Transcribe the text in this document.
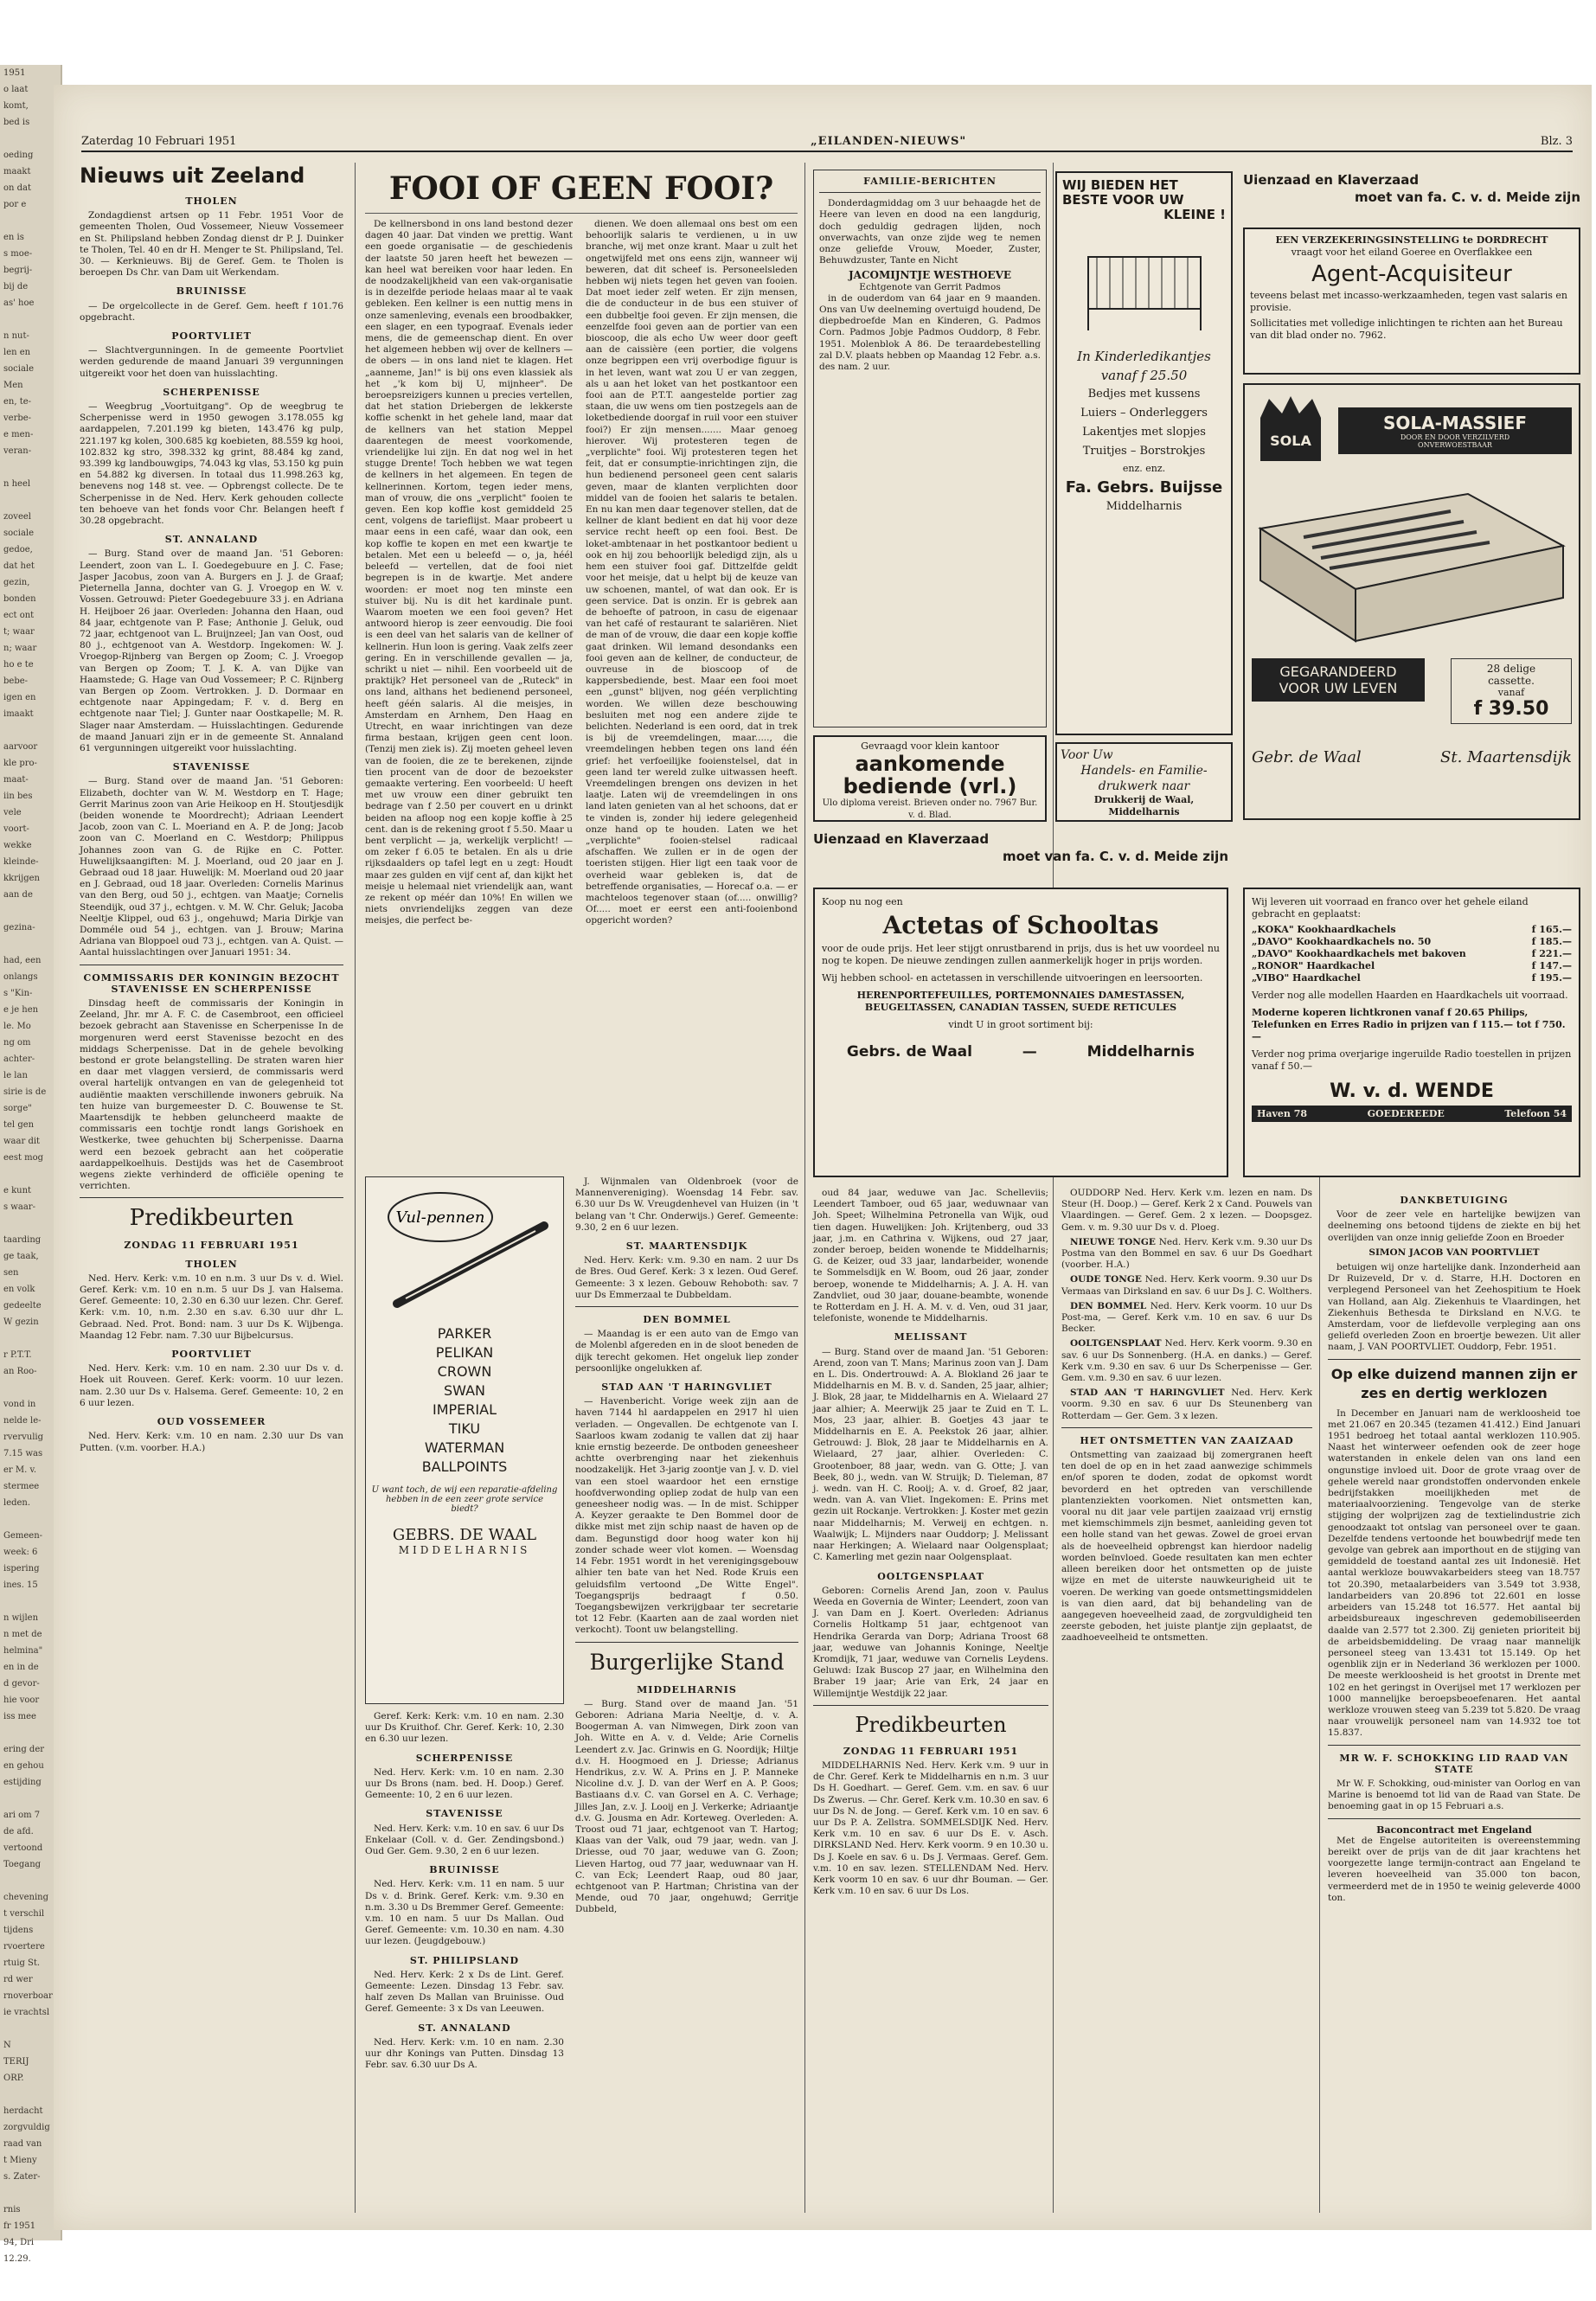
1951
o laat
komt,
bed is

oeding
maakt
on dat
por e

en is
s moe-
begrij-
bij de
as' hoe

n nut-
len en
sociale
Men
en, te-
verbe-
e men-
veran-

n heel

zoveel
sociale
gedoe,
dat het
gezin,
bonden
ect ont
t; waar
n; waar
ho e te
bebe-
igen en
imaakt

aarvoor
kle pro-
maat-
iin bes
vele
voort-
wekke
kleinde-
kkrijgen
aan de

gezina-

had, een
onlangs
s "Kin-
e je hen
le. Mo
ng om
achter-
le lan
sirie is de
sorge"
tel gen
waar dit
eest mog

e kunt
s waar-

taarding
ge taak,
sen
en volk
gedeelte
W gezin

r P.T.T.
an Roo-

vond in
nelde le-
rvervulig
7.15 was
er M. v.
stermee
leden.

Gemeen-
week: 6
ispering
ines. 15

n wijlen
n met de
helmina"
en in de
d gevor-
hie voor
iss mee

ering der
en gehou
estijding

ari om 7
de afd.
vertoond
Toegang

chevening
t verschil
tijdens
rvoertere
rtuig St.
rd wer
rnoverboar
ie vrachtsl

N
TERIJ
ORP.

herdacht
zorgvuldig
raad van
t Mieny
s. Zater-

rnis
fr 1951
94, Dri
12.29.
Zaterdag 10 Februari 1951	„EILANDEN-NIEUWS"	Blz. 3
Nieuws uit Zeeland
THOLEN

Zondagdienst artsen op 11 Febr. 1951 Voor de gemeenten Tholen, Oud Vossemeer, Nieuw Vossemeer en St. Philipsland hebben Zondag dienst dr P. J. Duinker te Tholen, Tel. 40 en dr H. Menger te St. Philipsland, Tel. 30. — Kerknieuws. Bij de Geref. Gem. te Tholen is beroepen Ds Chr. van Dam uit Werkendam.

BRUINISSE

— De orgelcollecte in de Geref. Gem. heeft f 101.76 opgebracht.

POORTVLIET

— Slachtvergunningen. In de gemeente Poortvliet werden gedurende de maand Januari 39 vergunningen uitgereikt voor het doen van huisslachting.

SCHERPENISSE

— Weegbrug „Voortuitgang". Op de weegbrug te Scherpenisse werd in 1950 gewogen 3.178.055 kg aardappelen, 7.201.199 kg bieten, 143.476 kg pulp, 221.197 kg kolen, 300.685 kg koebieten, 88.559 kg hooi, 102.832 kg stro, 398.332 kg grint, 88.484 kg zand, 93.399 kg landbouwgips, 74.043 kg vlas, 53.150 kg puin en 54.882 kg diversen. In totaal dus 11.998.263 kg, benevens nog 148 st. vee. — Opbrengst collecte. De te Scherpenisse in de Ned. Herv. Kerk gehouden collecte ten behoeve van het fonds voor Chr. Belangen heeft f 30.28 opgebracht.

ST. ANNALAND

— Burg. Stand over de maand Jan. '51 Geboren: Leendert, zoon van L. I. Goedegebuure en J. C. Fase; Jasper Jacobus, zoon van A. Burgers en J. J. de Graaf; Pieternella Janna, dochter van G. J. Vroegop en W. v. Vossen. Getrouwd: Pieter Goedegebuure 33 j. en Adriana H. Heijboer 26 jaar. Overleden: Johanna den Haan, oud 84 jaar, echtgenote van P. Fase; Anthonie J. Geluk, oud 72 jaar, echtgenoot van L. Bruijnzeel; Jan van Oost, oud 80 j., echtgenoot van A. Westdorp. Ingekomen: W. J. Vroegop-Rijnberg van Bergen op Zoom; C. J. Vroegop van Bergen op Zoom; T. J. K. A. van Dijke van Haamstede; G. Hage van Oud Vossemeer; P. C. Rijnberg van Bergen op Zoom. Vertrokken. J. D. Dormaar en echtgenote naar Appingedam; F. v. d. Berg en echtgenote naar Tiel; J. Gunter naar Oostkapelle; M. R. Slager naar Amsterdam. — Huisslachtingen. Gedurende de maand Januari zijn er in de gemeente St. Annaland 61 vergunningen uitgereikt voor huisslachting.

STAVENISSE

— Burg. Stand over de maand Jan. '51 Geboren: Elizabeth, dochter van W. M. Westdorp en T. Hage; Gerrit Marinus zoon van Arie Heikoop en H. Stoutjesdijk (beiden wonende te Moordrecht); Adriaan Leendert Jacob, zoon van C. L. Moeriand en A. P. de Jong; Jacob zoon van C. Moerland en C. Westdorp; Philippus Johannes zoon van G. de Rijke en C. Potter. Huwelijksaangiften: M. J. Moerland, oud 20 jaar en J. Gebraad oud 18 jaar. Huwelijk: M. Moerland oud 20 jaar en J. Gebraad, oud 18 jaar. Overleden: Cornelis Marinus van den Berg, oud 50 j., echtgen. van Maatje; Cornelis Steendijk, oud 37 j., echtgen. v. M. W. Chr. Geluk; Jacoba Neeltje Klippel, oud 63 j., ongehuwd; Maria Dirkje van Domméle oud 54 j., echtgen. van J. Brouw; Marina Adriana van Bloppoel oud 73 j., echtgen. van A. Quist. — Aantal huisslachtingen over Januari 1951: 34.

COMMISSARIS DER KONINGIN BEZOCHT STAVENISSE EN SCHERPENISSE

Dinsdag heeft de commissaris der Koningin in Zeeland, Jhr. mr A. F. C. de Casembroot, een officieel bezoek gebracht aan Stavenisse en Scherpenisse In de morgenuren werd eerst Stavenisse bezocht en des middags Scherpenisse. Dat in de gehele bevolking bestond er grote belangstelling. De straten waren hier en daar met vlaggen versierd, de commissaris werd overal hartelijk ontvangen en van de gelegenheid tot audiëntie maakten verschillende inwoners gebruik. Na ten huize van burgemeester D. C. Bouwense te St. Maartensdijk te hebben geluncheerd maakte de commissaris een tochtje rondt langs Gorishoek en Westkerke, twee gehuchten bij Scherpenisse. Daarna werd een bezoek gebracht aan het coöperatie aardappelkoelhuis. Destijds was het de Casembroot wegens ziekte verhinderd de officiële opening te verrichten.

Predikbeurten
ZONDAG 11 FEBRUARI 1951
THOLEN

Ned. Herv. Kerk: v.m. 10 en n.m. 3 uur Ds v. d. Wiel. Geref. Kerk: v.m. 10 en n.m. 5 uur Ds J. van Halsema. Geref. Gemeente: 10, 2.30 en 6.30 uur lezen. Chr. Geref. Kerk: v.m. 10, n.m. 2.30 en s.av. 6.30 uur dhr L. Gebraad. Ned. Prot. Bond: nam. 3 uur Ds K. Wijbenga. Maandag 12 Febr. nam. 7.30 uur Bijbelcursus.

POORTVLIET

Ned. Herv. Kerk: v.m. 10 en nam. 2.30 uur Ds v. d. Hoek uit Rouveen. Geref. Kerk: voorm. 10 uur lezen. nam. 2.30 uur Ds v. Halsema. Geref. Gemeente: 10, 2 en 6 uur lezen.

OUD VOSSEMEER

Ned. Herv. Kerk: v.m. 10 en nam. 2.30 uur Ds van Putten. (v.m. voorber. H.A.)

FOOI OF GEEN FOOI?

De kellnersbond in ons land bestond dezer dagen 40 jaar. Dat vinden we prettig. Want een goede organisatie — de geschiedenis der laatste 50 jaren heeft het bewezen — kan heel wat bereiken voor haar leden. En de noodzakelijkheid van een vak-organisatie is in dezelfde periode helaas maar al te vaak gebleken. Een kellner is een nuttig mens in onze samenleving, evenals een broodbakker, een slager, en een typograaf. Evenals ieder mens, die de gemeenschap dient. En over het algemeen hebben wij over de kellners — de obers — in ons land niet te klagen. Het „aanneme, Jan!" is bij ons even klassiek als het „'k kom bij U, mijnheer". De beroepsreizigers kunnen u precies vertellen, dat het station Driebergen de lekkerste koffie schenkt in het gehele land, maar dat de kellners van het station Meppel daarentegen de meest voorkomende, vriendelijke lui zijn. En dat nog wel in het stugge Drente! Toch hebben we wat tegen de kellners in het algemeen. En tegen de kellnerinnen. Kortom, tegen ieder mens, man of vrouw, die ons „verplicht" fooien te geven. Een kop koffie kost gemiddeld 25 cent, volgens de tarieflijst. Maar probeert u maar eens in een café, waar dan ook, een kop koffie te kopen en met een kwartje te betalen. Met een u beleefd — o, ja, héél beleefd — vertellen, dat de fooi niet begrepen is in de kwartje. Met andere woorden: er moet nog ten minste een stuiver bij. Nu is dit het kardinale punt. Waarom moeten we een fooi geven? Het antwoord hierop is zeer eenvoudig. Die fooi is een deel van het salaris van de kellner of kellnerin. Hun loon is gering. Vaak zelfs zeer gering. En in verschillende gevallen — ja, schrikt u niet — nihil. Een voorbeeld uit de praktijk? Het personeel van de „Ruteck" in ons land, althans het bedienend personeel, heeft géén salaris. Al die meisjes, in Amsterdam en Arnhem, Den Haag en Utrecht, en waar inrichtingen van deze firma bestaan, krijgen geen cent loon. (Tenzij men ziek is). Zij moeten geheel leven van de fooien, die ze te berekenen, zijnde tien procent van de door de bezoekster gemaakte vertering. Een voorbeeld: U heeft met uw vrouw een diner gebruikt ten bedrage van f 2.50 per couvert en u drinkt beiden na afloop nog een kopje koffie à 25 cent. dan is de rekening groot f 5.50. Maar u bent verplicht — ja, werkelijk verplicht! — om zeker f 6.05 te betalen. En als u drie rijksdaalders op tafel legt en u zegt: Houdt maar zes gulden en vijf cent af, dan kijkt het meisje u helemaal niet vriendelijk aan, want ze rekent op méér dan 10%! En willen we niets onvriendelijks zeggen van deze meisjes, die perfect be-

dienen. We doen allemaal ons best om een behoorlijk salaris te verdienen, u in uw branche, wij met onze krant. Maar u zult het ongetwijfeld met ons eens zijn, wanneer wij beweren, dat dit scheef is. Personeelsleden hebben wij niets tegen het geven van fooien. Dat moet ieder zelf weten. Er zijn mensen, die de conducteur in de bus een stuiver of een dubbeltje fooi geven. Er zijn mensen, die eenzelfde fooi geven aan de portier van een bioscoop, die als echo Uw weer door geeft aan de caissière (een portier, die volgens onze begrippen een vrij overbodige figuur is in het leven, want wat zou U er van zeggen, als u aan het loket van het postkantoor een fooi aan de P.T.T. aangestelde portier zag staan, die uw wens om tien postzegels aan de loketbediende doorgaf in ruil voor een stuiver fooi?) Er zijn mensen....... Maar genoeg hierover. Wij protesteren tegen de „verplichte" fooi. Wij protesteren tegen het feit, dat er consumptie-inrichtingen zijn, die hun bedienend personeel geen cent salaris geven, maar de klanten verplichten door middel van de fooien het salaris te betalen. En nu kan men daar tegenover stellen, dat de kellner de klant bedient en dat hij voor deze service recht heeft op een fooi. Best. De loket-ambtenaar in het postkantoor bedient u ook en hij zou behoorlijk beledigd zijn, als u hem een stuiver fooi gaf. Dittzelfde geldt voor het meisje, dat u helpt bij de keuze van uw schoenen, mantel, of wat dan ook. Er is geen service. Dat is onzin. Er is gebrek aan de behoefte of patroon, in casu de eigenaar van het café of restaurant te salariëren. Niet de man of de vrouw, die daar een kopje koffie gaat drinken. Wil lemand desondanks een fooi geven aan de kellner, de conducteur, de ouvreuse in de bioscoop of de kappersbediende, best. Maar een fooi moet een „gunst" blijven, nog géén verplichting worden. We willen deze beschouwing besluiten met nog een andere zijde te belichten. Nederland is een oord, dat in trek is bij de vreemdelingen, maar....., die vreemdelingen hebben tegen ons land één grief: het verfoeilijke fooienstelsel, dat in geen land ter wereld zulke uitwassen heeft. Vreemdelingen brengen ons devizen in het laatje. Laten wij de vreemdelingen in ons land laten genieten van al het schoons, dat er te vinden is, zonder hij iedere gelegenheid onze hand op te houden. Laten we het „verplichte" fooien-stelsel radicaal afschaffen. We zullen er in de ogen der toeristen stijgen. Hier ligt een taak voor de overheid waar gebleken is, dat de betreffende organisaties, — Horecaf o.a. — er machteloos tegenover staan (of..... onwillig? Of..... moet er eerst een anti-fooienbond opgericht worden?

FAMILIE-BERICHTEN

Donderdagmiddag om 3 uur behaagde het de Heere van leven en dood na een langdurig, doch geduldig gedragen lijden, noch onverwachts, van onze zijde weg te nemen onze geliefde Vrouw, Moeder, Zuster, Behuwdzuster, Tante en Nicht

JACOMIJNTJE WESTHOEVE
Echtgenote van Gerrit Padmos

in de ouderdom van 64 jaar en 9 maanden. Ons van Uw deelneming overtuigd houdend, De diepbedroefde Man en Kinderen, G. Padmos Corn. Padmos Jobje Padmos Ouddorp, 8 Febr. 1951. Molenblok A 86. De teraardebestelling zal D.V. plaats hebben op Maandag 12 Febr. a.s. des nam. 2 uur.

Gevraagd voor klein kantoor
aankomende
bediende (vrl.)
Ulo diploma vereist. Brieven onder no. 7967 Bur. v. d. Blad.
WIJ BIEDEN HET
BESTE VOOR UW
KLEINE !
In Kinderledikantjes
vanaf f 25.50
Bedjes met kussens
Luiers – Onderleggers
Lakentjes met slopjes
Truitjes – Borstrokjes
enz. enz.
Fa. Gebrs. Buijsse
Middelharnis
Voor Uw
Handels- en Familie-
drukwerk naar
Drukkerij de Waal, Middelharnis
Uienzaad en Klaverzaad
moet van fa. C. v. d. Meide zijn
EEN VERZEKERINGSINSTELLING te DORDRECHT
vraagt voor het eiland Goeree en Overflakkee een
Agent-Acquisiteur
teveens belast met incasso-werkzaamheden, tegen vast salaris en provisie.
Sollicitaties met volledige inlichtingen te richten aan het Bureau van dit blad onder no. 7962.
SOLA
SOLA-MASSIEF
DOOR EN DOOR VERZILVERD
ONVERWOESTBAAR
GEGARANDEERD
VOOR UW LEVEN
28 delige
cassette.
vanaf
f 39.50
Gebr. de Waal	St. Maartensdijk
Uienzaad en Klaverzaad
moet van fa. C. v. d. Meide zijn
Koop nu nog een
Actetas of Schooltas
voor de oude prijs. Het leer stijgt onrustbarend in prijs, dus is het uw voordeel nu nog te kopen. De nieuwe zendingen zullen aanmerkelijk hoger in prijs worden.
Wij hebben school- en actetassen in verschillende uitvoeringen en leersoorten.
HERENPORTEFEUILLES, PORTEMONNAIES DAMESTASSEN, BEUGELTASSEN, CANADIAN TASSEN, SUEDE RETICULES
vindt U in groot sortiment bij:
Gebrs. de Waal	—	Middelharnis
Wij leveren uit voorraad en franco over het gehele eiland gebracht en geplaatst:
„KOKA" Kookhaardkachels	f 165.—
„DAVO" Kookhaardkachels no. 50	f 185.—
„DAVO" Kookhaardkachels met bakoven	f 221.—
„RONOR" Haardkachel	f 147.—
„VIBO" Haardkachel	f 195.—
Verder nog alle modellen Haarden en Haardkachels uit voorraad.
Moderne koperen lichtkronen vanaf f 20.65 Philips, Telefunken en Erres Radio in prijzen van f 115.— tot f 750.—
Verder nog prima overjarige ingeruilde Radio toestellen in prijzen vanaf f 50.—
W. v. d. WENDE
Haven 78	GOEDEREEDE	Telefoon 54
Vul-pennen
PARKER
PELIKAN
CROWN
SWAN
IMPERIAL
TIKU
WATERMAN
BALLPOINTS
U want toch, de wij een reparatie-afdeling hebben in de een zeer grote service biedt?
GEBRS. DE WAAL
MIDDELHARNIS

Geref. Kerk: Kerk: v.m. 10 en nam. 2.30 uur Ds Kruithof. Chr. Geref. Kerk: 10, 2.30 en 6.30 uur lezen.

SCHERPENISSE

Ned. Herv. Kerk: v.m. 10 en nam. 2.30 uur Ds Brons (nam. bed. H. Doop.) Geref. Gemeente: 10, 2 en 6 uur lezen.

STAVENISSE

Ned. Herv. Kerk: v.m. 10 en sav. 6 uur Ds Enkelaar (Coll. v. d. Ger. Zendingsbond.) Oud Ger. Gem. 9.30, 2 en 6 uur lezen.

BRUINISSE

Ned. Herv. Kerk: v.m. 11 en nam. 5 uur Ds v. d. Brink. Geref. Kerk: v.m. 9.30 en n.m. 3.30 u Ds Bremmer Geref. Gemeente: v.m. 10 en nam. 5 uur Ds Mallan. Oud Geref. Gemeente: v.m. 10.30 en nam. 4.30 uur lezen. (Jeugdgebouw.)

ST. PHILIPSLAND

Ned. Herv. Kerk: 2 x Ds de Lint. Geref. Gemeente: Lezen. Dinsdag 13 Febr. sav. half zeven Ds Mallan van Bruinisse. Oud Geref. Gemeente: 3 x Ds van Leeuwen.

ST. ANNALAND

Ned. Herv. Kerk: v.m. 10 en nam. 2.30 uur dhr Konings van Putten. Dinsdag 13 Febr. sav. 6.30 uur Ds A.

J. Wijnmalen van Oldenbroek (voor de Mannenvereniging). Woensdag 14 Febr. sav. 6.30 uur Ds W. Vreugdenhevel van Huizen (in 't belang van 't Chr. Onderwijs.) Geref. Gemeente: 9.30, 2 en 6 uur lezen.

ST. MAARTENSDIJK

Ned. Herv. Kerk: v.m. 9.30 en nam. 2 uur Ds de Bres. Oud Geref. Kerk: 3 x lezen. Oud Geref. Gemeente: 3 x lezen. Gebouw Rehoboth: sav. 7 uur Ds Emmerzaal te Dubbeldam.

DEN BOMMEL

— Maandag is er een auto van de Emgo van de Molenbl afgereden en in de sloot beneden de dijk terecht gekomen. Het ongeluk liep zonder persoonlijke ongelukken af.

STAD AAN 'T HARINGVLIET

— Havenbericht. Vorige week zijn aan de haven 7144 hl aardappelen en 2917 hl uien verladen. — Ongevallen. De echtgenote van I. Saarloos kwam zodanig te vallen dat zij haar knie ernstig bezeerde. De ontboden geneesheer achtte overbrenging naar het ziekenhuis noodzakelijk. Het 3-jarig zoontje van J. v. D. viel van een stoel waardoor het een ernstige hoofdverwonding opliep zodat de hulp van een geneesheer nodig was. — In de mist. Schipper A. Keyzer geraakte te Den Bommel door de dikke mist met zijn schip naast de haven op de dam. Begunstigd door hoog water kon hij zonder schade weer vlot komen. — Woensdag 14 Febr. 1951 wordt in het verenigingsgebouw alhier ten bate van het Ned. Rode Kruis een geluidsfilm vertoond „De Witte Engel". Toegangsprijs bedraagt f 0.50. Toegangsbewijzen verkrijgbaar ter secretarie tot 12 Febr. (Kaarten aan de zaal worden niet verkocht). Toont uw belangstelling.

Burgerlijke Stand
MIDDELHARNIS

— Burg. Stand over de maand Jan. '51 Geboren: Adriana Maria Neeltje, d. v. A. Boogerman A. van Nimwegen, Dirk zoon van Joh. Witte en A. v. d. Velde; Arie Cornelis Leendert z.v. Jac. Grinwis en G. Noordijk; Hiltje d.v. H. Hoogmoed en J. Driesse; Adrianus Hendrikus, z.v. W. A. Prins en J. P. Manneke Nicoline d.v. J. D. van der Werf en A. P. Goos; Bastiaans d.v. C. van Gorsel en A. C. Verhage; Jilles Jan, z.v. J. Looij en J. Verkerke; Adriaantje d.v. G. Jousma en Adr. Korteweg. Overleden: A. Troost oud 71 jaar, echtgenoot van T. Hartog; Klaas van der Valk, oud 79 jaar, wedn. van J. Driesse, oud 70 jaar, weduwe van G. Zoon; Lieven Hartog, oud 77 jaar, weduwnaar van H. C. van Eck; Leendert Raap, oud 80 jaar, echtgenoot van P. Hartman; Christina van der Mende, oud 70 jaar, ongehuwd; Gerritje Dubbeld,

oud 84 jaar, weduwe van Jac. Schelleviis; Leendert Tamboer, oud 65 jaar, weduwnaar van Joh. Speet; Wilhelmina Petronella van Wijk, oud tien dagen. Huwelijken: Joh. Krijtenberg, oud 33 jaar, j.m. en Cathrina v. Wijkens, oud 27 jaar, zonder beroep, beiden wonende te Middelharnis; G. de Keizer, oud 33 jaar, landarbeider, wonende te Sommelsdijk en W. Boom, oud 26 jaar, zonder beroep, wonende te Middelharnis; A. J. A. H. van Zandvliet, oud 30 jaar, douane-beambte, wonende te Rotterdam en J. H. A. M. v. d. Ven, oud 31 jaar, telefoniste, wonende te Middelharnis.

MELISSANT

— Burg. Stand over de maand Jan. '51 Geboren: Arend, zoon van T. Mans; Marinus zoon van J. Dam en L. Dis. Ondertrouwd: A. A. Blokland 26 jaar te Middelharnis en M. B. v. d. Sanden, 25 jaar, alhier; J. Blok, 28 jaar, te Middelharnis en A. Wielaard 27 jaar alhier; A. Meerwijk 25 jaar te Zuid en T. L. Mos, 23 jaar, alhier. B. Goetjes 43 jaar te Middelharnis en E. A. Peekstok 26 jaar, alhier. Getrouwd: J. Blok, 28 jaar te Middelharnis en A. Wielaard, 27 jaar, alhier. Overleden: C. Grootenboer, 88 jaar, wedn. van G. Otte; J. van Beek, 80 j., wedn. van W. Struijk; D. Tieleman, 87 j. wedn. van H. C. Rooij; A. v. d. Groef, 82 jaar, wedn. van A. van Vliet. Ingekomen: E. Prins met gezin uit Rockanje. Vertrokken: J. Koster met gezin naar Middelharnis; M. Verweij en echtgen. n. Waalwijk; L. Mijnders naar Ouddorp; J. Melissant naar Herkingen; A. Wielaard naar Oolgensplaat; C. Kamerling met gezin naar Oolgensplaat.

OOLTGENSPLAAT

Geboren: Cornelis Arend Jan, zoon v. Paulus Weeda en Governia de Winter; Leendert, zoon van J. van Dam en J. Koert. Overleden: Adrianus Cornelis Holtkamp 51 jaar, echtgenoot van Hendrika Gerarda van Dorp; Adriana Troost 68 jaar, weduwe van Johannis Koninge, Neeltje Kromdijk, 71 jaar, weduwe van Cornelis Leydens. Geluwd: Izak Buscop 27 jaar, en Wilhelmina den Braber 19 jaar; Arie van Erk, 24 jaar en Willemijntje Westdijk 22 jaar.

Predikbeurten
ZONDAG 11 FEBRUARI 1951

MIDDELHARNIS Ned. Herv. Kerk v.m. 9 uur in de Chr. Geref. Kerk te Middelharnis en n.m. 3 uur Ds H. Goedhart. — Geref. Gem. v.m. en sav. 6 uur Ds Zwerus. — Chr. Geref. Kerk v.m. 10.30 en sav. 6 uur Ds N. de Jong. — Geref. Kerk v.m. 10 en sav. 6 uur Ds P. A. Zellstra. SOMMELSDIJK Ned. Herv. Kerk v.m. 10 en sav. 6 uur Ds E. v. Asch. DIRKSLAND Ned. Herv. Kerk voorm. 9 en 10.30 u. Ds J. Koele en sav. 6 u. Ds J. Vermaas. Geref. Gem. v.m. 10 en sav. lezen. STELLENDAM Ned. Herv. Kerk voorm 10 en sav. 6 uur dhr Bouman. — Ger. Kerk v.m. 10 en sav. 6 uur Ds Los.

OUDDORP Ned. Herv. Kerk v.m. lezen en nam. Ds Steur (H. Doop.) — Geref. Kerk 2 x Cand. Pouwels van Vlaardingen. — Geref. Gem. 2 x lezen. — Doopsgez. Gem. v. m. 9.30 uur Ds v. d. Ploeg.

NIEUWE TONGE Ned. Herv. Kerk v.m. 9.30 uur Ds Postma van den Bommel en sav. 6 uur Ds Goedhart (voorber. H.A.)

OUDE TONGE Ned. Herv. Kerk voorm. 9.30 uur Ds Vermaas van Dirksland en sav. 6 uur Ds J. C. Wolthers.

DEN BOMMEL Ned. Herv. Kerk voorm. 10 uur Ds Post-ma, — Geref. Kerk v.m. 10 en sav. 6 uur Ds Becker.

OOLTGENSPLAAT Ned. Herv. Kerk voorm. 9.30 en sav. 6 uur Ds Sonnenberg. (H.A. en danks.) — Geref. Kerk v.m. 9.30 en sav. 6 uur Ds Scherpenisse — Ger. Gem. v.m. 9.30 en sav. 6 uur lezen.

STAD AAN 'T HARINGVLIET Ned. Herv. Kerk voorm. 9.30 en sav. 6 uur Ds Steunenberg van Rotterdam — Ger. Gem. 3 x lezen.

HET ONTSMETTEN VAN ZAAIZAAD

Ontsmetting van zaaizaad bij zomergranen heeft ten doel de op en in het zaad aanwezige schimmels en/of sporen te doden, zodat de opkomst wordt bevorderd en het optreden van verschillende plantenziekten voorkomen. Niet ontsmetten kan, vooral nu dit jaar vele partijen zaaizaad vrij ernstig met kiemschimmels zijn besmet, aanleiding geven tot een holle stand van het gewas. Zowel de groei ervan als de hoeveelheid opbrengst kan hierdoor nadelig worden beïnvloed. Goede resultaten kan men echter alleen bereiken door het ontsmetten op de juiste wijze en met de uiterste nauwkeurigheid uit te voeren. De werking van goede ontsmettingsmiddelen is van dien aard, dat bij behandeling van de aangegeven hoeveelheid zaad, de zorgvuldigheid ten zeerste geboden, het juiste plantje zijn geplaatst, de zaadhoeveelheid te ontsmetten.

DANKBETUIGING

Voor de zeer vele en hartelijke bewijzen van deelneming ons betoond tijdens de ziekte en bij het overlijden van onze innig geliefde Zoon en Broeder

SIMON JACOB VAN POORTVLIET

betuigen wij onze hartelijke dank. Inzonderheid aan Dr Ruizeveld, Dr v. d. Starre, H.H. Doctoren en verplegend Personeel van het Zeehospitium te Hoek van Holland, aan Alg. Ziekenhuis te Vlaardingen, het Ziekenhuis Bethesda te Dirksland en N.V.G. te Amsterdam, voor de liefdevolle verpleging aan ons geliefd overleden Zoon en broertje bewezen. Uit aller naam, J. VAN POORTVLIET. Ouddorp, Febr. 1951.

Op elke duizend mannen zijn er zes en dertig werklozen

In December en Januari nam de werkloosheid toe met 21.067 en 20.345 (tezamen 41.412.) Eind Januari 1951 bedroeg het totaal aantal werklozen 110.905. Naast het winterweer oefenden ook de zeer hoge waterstanden in enkele delen van ons land een ongunstige invloed uit. Door de grote vraag over de gehele wereld naar grondstoffen ondervonden enkele bedrijfstakken moeilijkheden met de materiaalvoorziening. Tengevolge van de sterke stijging der wolprijzen zag de textielindustrie zich genoodzaakt tot ontslag van personeel over te gaan. Dezelfde tendens vertoonde het bouwbedrijf mede ten gevolge van gebrek aan importhout en de stijging van gemiddeld de toestand aantal zes uit Indonesië. Het aantal werkloze bouwvakarbeiders steeg van 18.757 tot 20.390, metaalarbeiders van 3.549 tot 3.938, landarbeiders van 20.896 tot 22.601 en losse arbeiders van 15.248 tot 16.577. Het aantal bij arbeidsbureaux ingeschreven gedemobiliseerden daalde van 2.577 tot 2.300. Zij genieten prioriteit bij de arbeidsbemiddeling. De vraag naar mannelijk personeel steeg van 13.431 tot 15.149. Op het ogenblik zijn er in Nederland 36 werklozen per 1000. De meeste werkloosheid is het grootst in Drente met 102 en het geringst in Overijsel met 17 werklozen per 1000 mannelijke beroepsbeoefenaren. Het aantal werkloze vrouwen steeg van 5.239 tot 5.820. De vraag naar vrouwelijk personeel nam van 14.932 toe tot 15.837.

MR W. F. SCHOKKING LID RAAD VAN STATE

Mr W. F. Schokking, oud-minister van Oorlog en van Marine is benoemd tot lid van de Raad van State. De benoeming gaat in op 15 Februari a.s.

Baconcontract met Engeland

Met de Engelse autoriteiten is overeenstemming bereikt over de prijs van de dit jaar krachtens het voorgezette lange termijn-contract aan Engeland te leveren hoeveelheid van 35.000 ton bacon, vermeerderd met de in 1950 te weinig geleverde 4000 ton.
